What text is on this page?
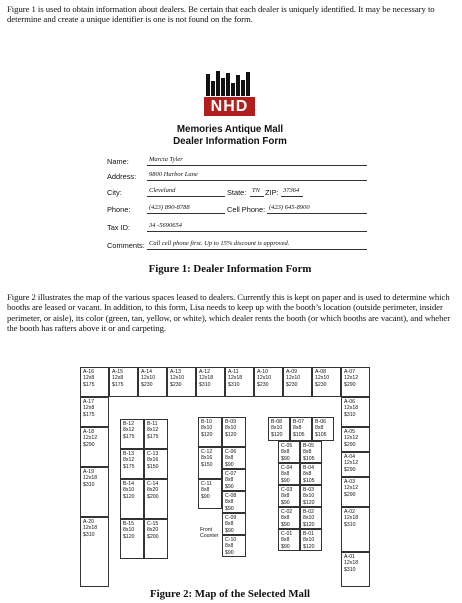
Figure 1 is used to obtain information about dealers. Be certain that each dealer is uniquely identified. It may be necessary to determine and create a unique identifier is one is not found on the form.
NHD
Memories Antique Mall
Dealer Information Form
Name:	Marcia Tyler
Address: 9800 Harbor Lane
City:	Cleveland	State: TN ZIP: 37364
Phone:	(423) 890-8788	Cell Phone: (423) 645-8900
Tax ID:	34 -5690654
Comments: Call cell phone first. Up to 15% discount is approved.
Figure 1: Dealer Information Form
Figure 2 illustrates the map of the various spaces leased to dealers. Currently this is kept on paper and is used to determine which booths are leased or vacant. In addition, to this form, Lisa needs to keep up with the booth’s location (outside perimeter, insider perimeter, or aisle), its color (green, tan, yellow, or white), which dealer rents the booth (or which booths are vacant), and wheher the booth has rafters above it or and carpeting.
A-16
12x8
$175
A-15
12x8
$175
A-14
12x10
$230
A-13
12x10
$230
A-12
12x18
$310
A-11
12x18
$310
A-10
12x10
$230
A-09
12x10
$230
A-08
12x10
$230
A-07
12x12
$290
A-17
12x8
$175
A-18
12x12
$290
A-19
12x18
$310
A-20
12x18
$310
A-06
12x18
$310
A-05
12x12
$290
A-04
12x12
$290
A-03
12x12
$290
A-02
12x18
$310
A-01
12x18
$310
B-12
8x12
$175
B-13
8x12
$175
B-14
8x10
$120
B-15
8x10
$120
B-11
8x12
$175
C-13
8x16
$150
C-14
8x20
$200
C-15
8x20
$200
B-10
8x10
$120
B-09
8x10
$120
C-12
8x16
$150
C-11
8x8
$90
C-06
8x8
$90
C-07
8x8
$90
C-08
8x8
$90
C-09
8x8
$90
C-10
8x8
$90
Front
Counter
B-08
8x10
$120
B-07
8x8
$105
B-06
8x8
$105
C-05
8x8
$90
C-04
8x8
$90
C-03
8x8
$90
C-02
8x8
$90
C-01
8x8
$90
B-05
8x8
$105
B-04
8x8
$105
B-03
8x10
$120
B-02
8x10
$120
B-01
8x10
$120
Figure 2: Map of the Selected Mall
